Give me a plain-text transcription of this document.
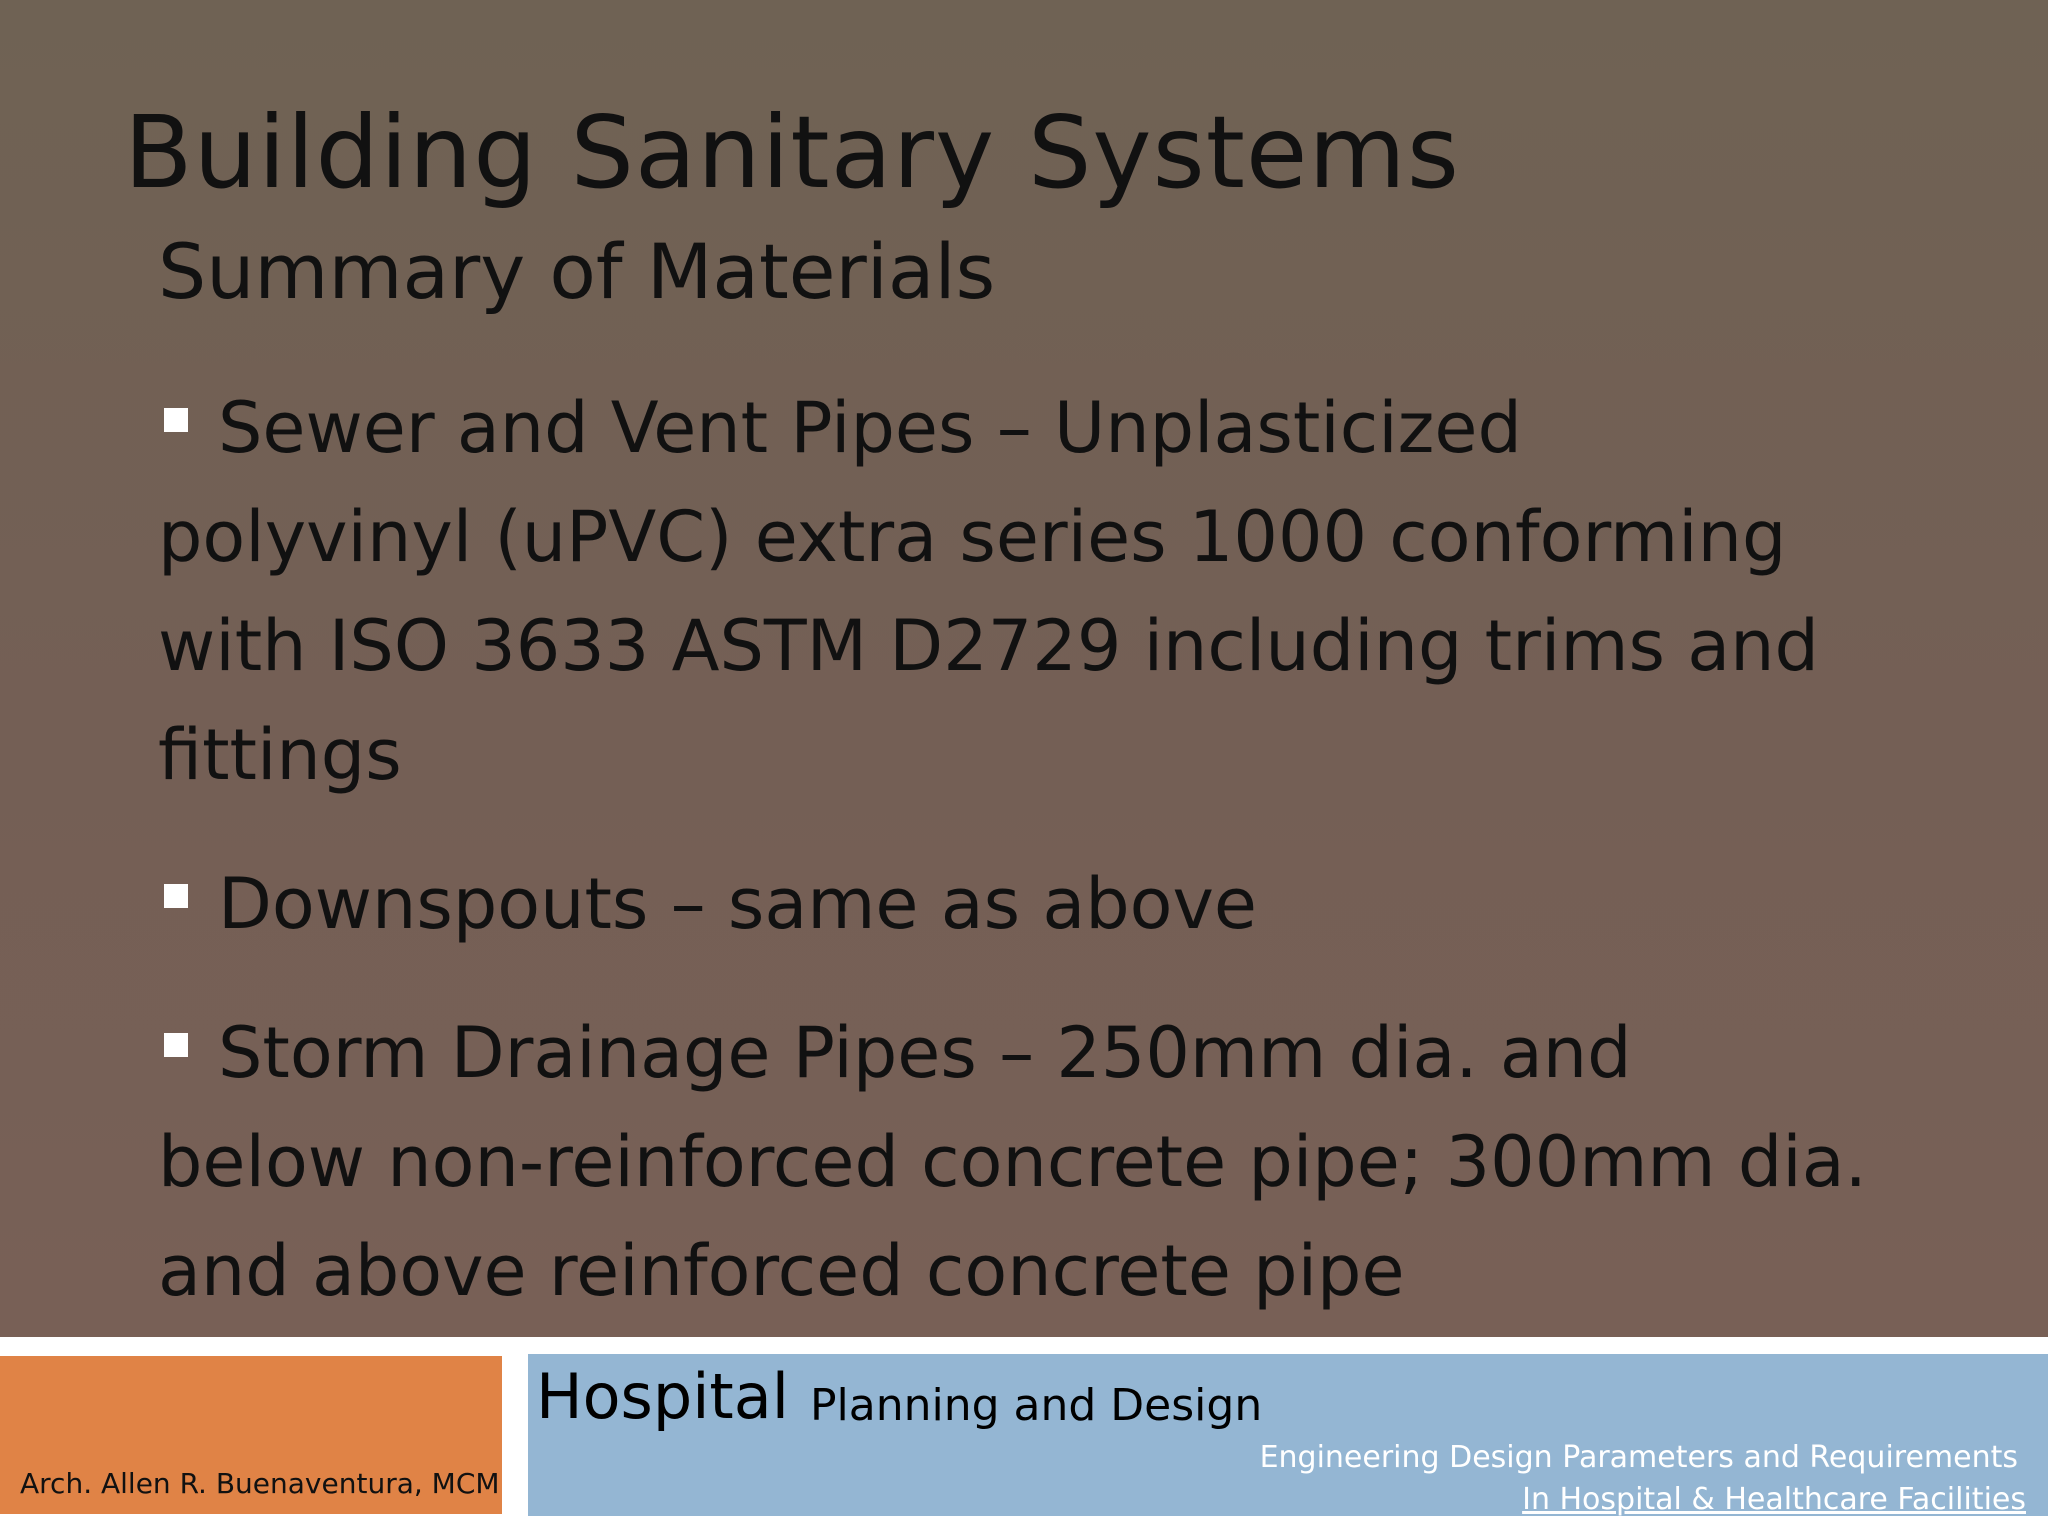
Building Sanitary Systems
Summary of Materials
Sewer and Vent Pipes – Unplasticized
polyvinyl (uPVC) extra series 1000 conforming
with ISO 3633 ASTM D2729 including trims and
fittings
Downspouts – same as above
Storm Drainage Pipes – 250mm dia. and
below non-reinforced concrete pipe; 300mm dia.
and above reinforced concrete pipe
Arch. Allen R. Buenaventura, MCM
Hospital Planning and Design
Engineering Design Parameters and Requirements
In Hospital & Healthcare Facilities
